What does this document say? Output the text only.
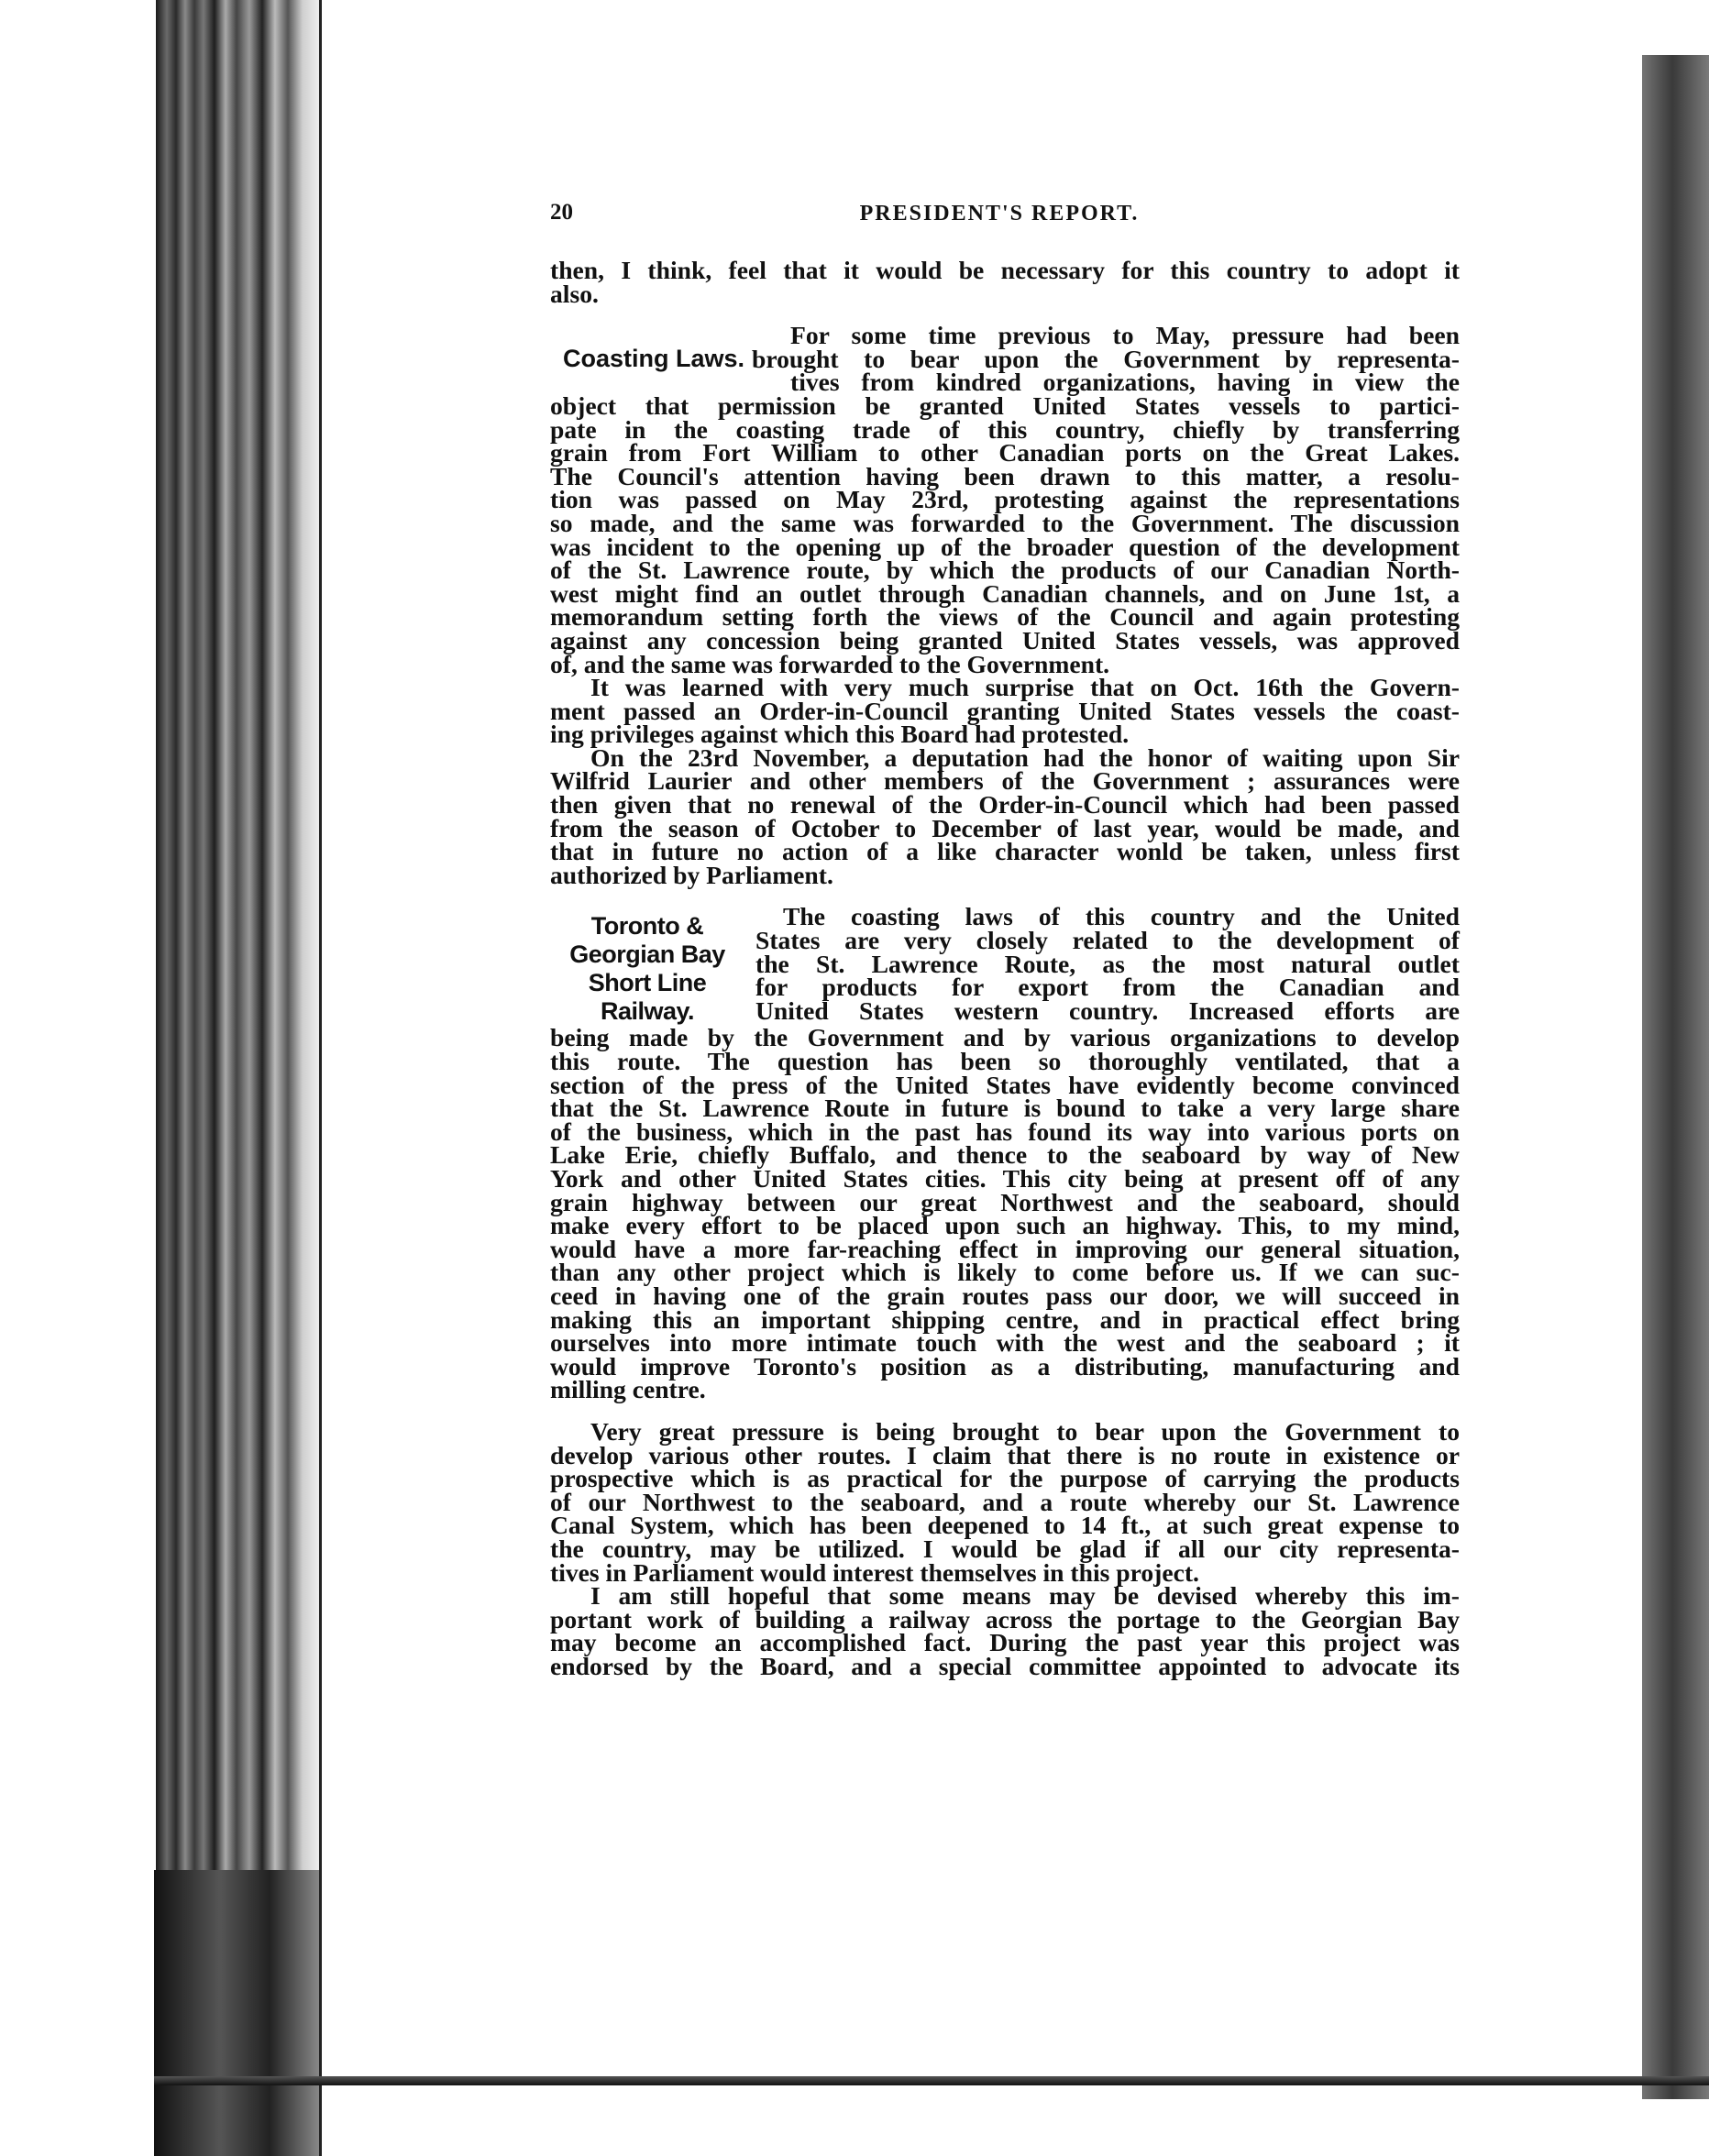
20	PRESIDENT'S REPORT.
then, I think, feel that it would be necessary for this country to adopt it
also.
For some time previous to May, pressure had been
Coasting Laws. brought to bear upon the Government by representa-
tives from kindred organizations, having in view the
object that permission be granted United States vessels to partici-
pate in the coasting trade of this country, chiefly by transferring
grain from Fort William to other Canadian ports on the Great Lakes.
The Council's attention having been drawn to this matter, a resolu-
tion was passed on May 23rd, protesting against the representations
so made, and the same was forwarded to the Government. The discussion
was incident to the opening up of the broader question of the development
of the St. Lawrence route, by which the products of our Canadian North-
west might find an outlet through Canadian channels, and on June 1st, a
memorandum setting forth the views of the Council and again protesting
against any concession being granted United States vessels, was approved
of, and the same was forwarded to the Government.
It was learned with very much surprise that on Oct. 16th the Govern-
ment passed an Order-in-Council granting United States vessels the coast-
ing privileges against which this Board had protested.
On the 23rd November, a deputation had the honor of waiting upon Sir
Wilfrid Laurier and other members of the Government ; assurances were
then given that no renewal of the Order-in-Council which had been passed
from the season of October to December of last year, would be made, and
that in future no action of a like character wonld be taken, unless first
authorized by Parliament.
Toronto &
Georgian Bay
Short Line
Railway.
The coasting laws of this country and the United
States are very closely related to the development of
the St. Lawrence Route, as the most natural outlet
for products for export from the Canadian and
United States western country. Increased efforts are
being made by the Government and by various organizations to develop
this route. The question has been so thoroughly ventilated, that a
section of the press of the United States have evidently become convinced
that the St. Lawrence Route in future is bound to take a very large share
of the business, which in the past has found its way into various ports on
Lake Erie, chiefly Buffalo, and thence to the seaboard by way of New
York and other United States cities. This city being at present off of any
grain highway between our great Northwest and the seaboard, should
make every effort to be placed upon such an highway. This, to my mind,
would have a more far-reaching effect in improving our general situation,
than any other project which is likely to come before us. If we can suc-
ceed in having one of the grain routes pass our door, we will succeed in
making this an important shipping centre, and in practical effect bring
ourselves into more intimate touch with the west and the seaboard ; it
would improve Toronto's position as a distributing, manufacturing and
milling centre.
Very great pressure is being brought to bear upon the Government to
develop various other routes. I claim that there is no route in existence or
prospective which is as practical for the purpose of carrying the products
of our Northwest to the seaboard, and a route whereby our St. Lawrence
Canal System, which has been deepened to 14 ft., at such great expense to
the country, may be utilized. I would be glad if all our city representa-
tives in Parliament would interest themselves in this project.
I am still hopeful that some means may be devised whereby this im-
portant work of building a railway across the portage to the Georgian Bay
may become an accomplished fact. During the past year this project was
endorsed by the Board, and a special committee appointed to advocate its
